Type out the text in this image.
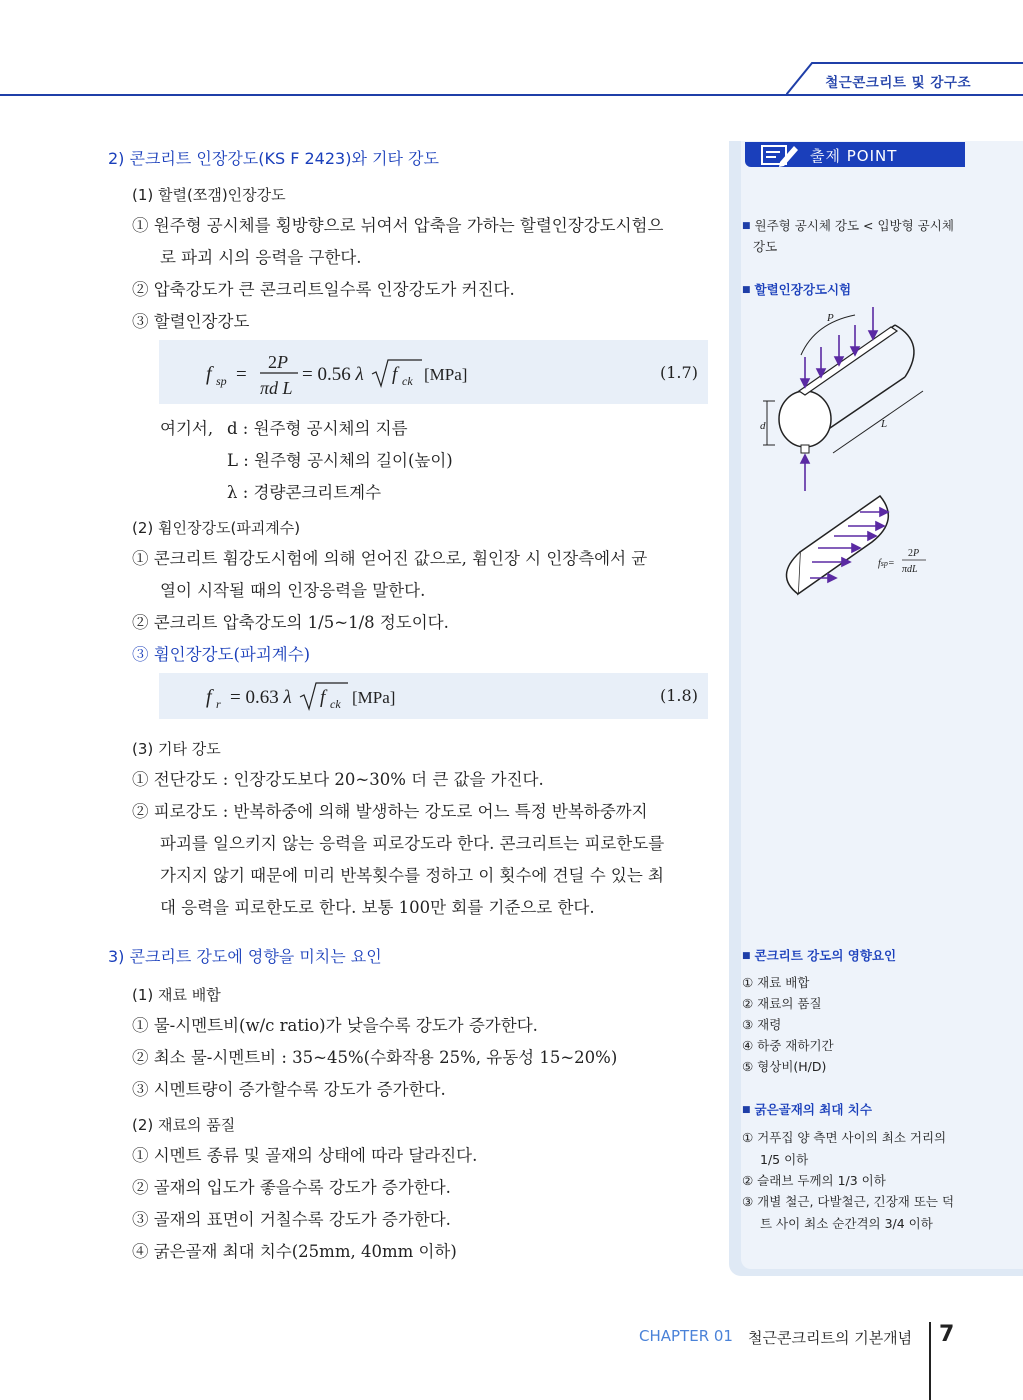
철근콘크리트 및 강구조
출제 POINT
2) 콘크리트 인장강도(KS F 2423)와 기타 강도
(1) 할렬(쪼갬)인장강도
① 원주형 공시체를 횡방향으로 뉘여서 압축을 가하는 할렬인장강도시험으
로 파괴 시의 응력을 구한다.
② 압축강도가 큰 콘크리트일수록 인장강도가 커진다.
③ 할렬인장강도
f sp =
2P
πd L
= 0.56 λ f ck [MPa]	(1.7)
여기서, d : 원주형 공시체의 지름
L : 원주형 공시체의 길이(높이)
λ : 경량콘크리트계수
(2) 휨인장강도(파괴계수)
① 콘크리트 휨강도시험에 의해 얻어진 값으로, 휨인장 시 인장측에서 균
열이 시작될 때의 인장응력을 말한다.
② 콘크리트 압축강도의 1/5~1/8 정도이다.
③ 휨인장강도(파괴계수)
f r = 0.63 λ f ck [MPa]	(1.8)
(3) 기타 강도
① 전단강도 : 인장강도보다 20~30% 더 큰 값을 가진다.
② 피로강도 : 반복하중에 의해 발생하는 강도로 어느 특정 반복하중까지
파괴를 일으키지 않는 응력을 피로강도라 한다. 콘크리트는 피로한도를
가지지 않기 때문에 미리 반복횟수를 정하고 이 횟수에 견딜 수 있는 최
대 응력을 피로한도로 한다. 보통 100만 회를 기준으로 한다.
3) 콘크리트 강도에 영향을 미치는 요인
(1) 재료 배합
① 물-시멘트비(w/c ratio)가 낮을수록 강도가 증가한다.
② 최소 물-시멘트비 : 35~45%(수화작용 25%, 유동성 15~20%)
③ 시멘트량이 증가할수록 강도가 증가한다.
(2) 재료의 품질
① 시멘트 종류 및 골재의 상태에 따라 달라진다.
② 골재의 입도가 좋을수록 강도가 증가한다.
③ 골재의 표면이 거칠수록 강도가 증가한다.
④ 굵은골재 최대 치수(25mm, 40mm 이하)
■ 원주형 공시체 강도 < 입방형 공시체
강도
■ 할렬인장강도시험
P
d	L
fsp=
2P
πdL
■ 콘크리트 강도의 영향요인
① 재료 배합
② 재료의 품질
③ 재령
④ 하중 재하기간
⑤ 형상비(H/D)
■ 굵은골재의 최대 치수
① 거푸집 양 측면 사이의 최소 거리의
1/5 이하
② 슬래브 두께의 1/3 이하
③ 개별 철근, 다발철근, 긴장재 또는 덕
트 사이 최소 순간격의 3/4 이하
CHAPTER 01 철근콘크리트의 기본개념 7
